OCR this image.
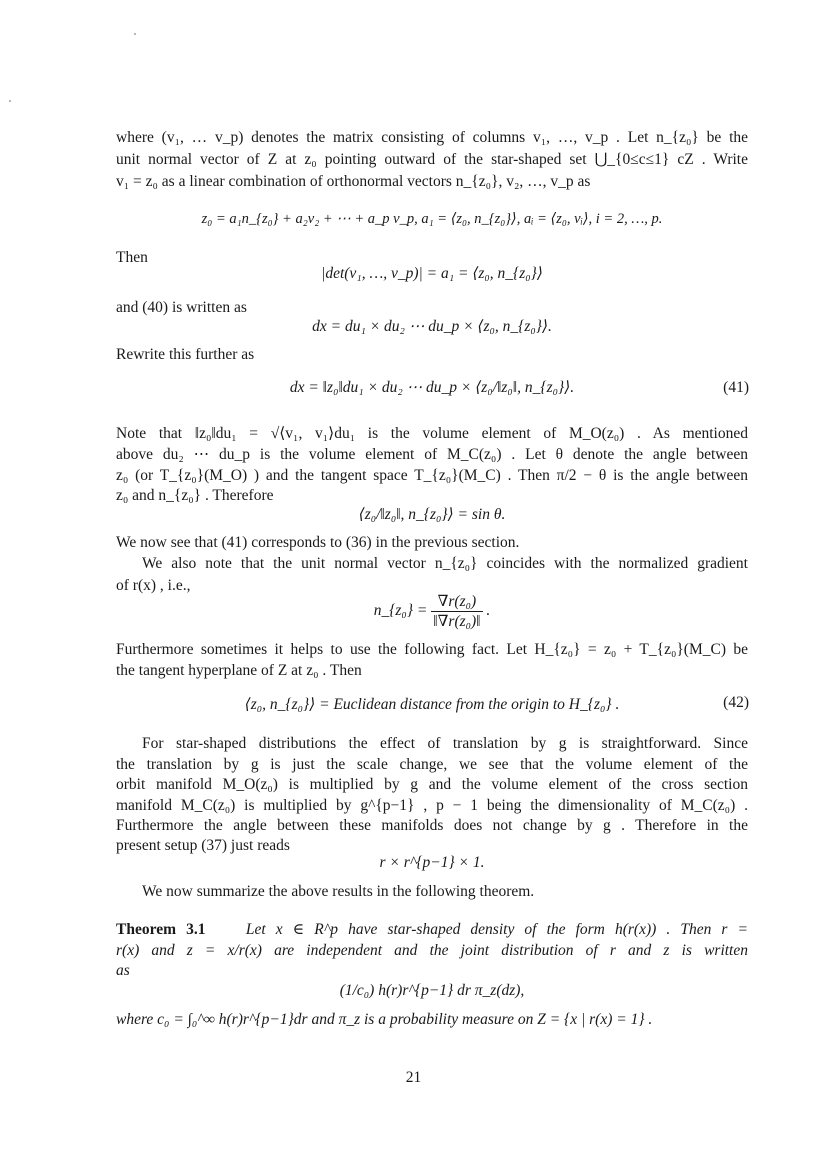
where (v₁, … v_p) denotes the matrix consisting of columns v₁, …, v_p . Let n_{z₀} be the
unit normal vector of Z at z₀ pointing outward of the star-shaped set ⋃_{0≤c≤1} cZ . Write
v₁ = z₀ as a linear combination of orthonormal vectors n_{z₀}, v₂, …, v_p as
z₀ = a₁n_{z₀} + a₂v₂ + ⋯ + a_p v_p, a₁ = ⟨z₀, n_{z₀}⟩, aᵢ = ⟨z₀, vᵢ⟩, i = 2, …, p.
Then
|det(v₁, …, v_p)| = a₁ = ⟨z₀, n_{z₀}⟩
and (40) is written as
dx = du₁ × du₂ ⋯ du_p × ⟨z₀, n_{z₀}⟩.
Rewrite this further as
dx = ‖z₀‖du₁ × du₂ ⋯ du_p × ⟨z₀/‖z₀‖, n_{z₀}⟩.	(41)
Note that ‖z₀‖du₁ = √⟨v₁, v₁⟩du₁ is the volume element of M_O(z₀) . As mentioned
above du₂ ⋯ du_p is the volume element of M_C(z₀) . Let θ denote the angle between
z₀ (or T_{z₀}(M_O) ) and the tangent space T_{z₀}(M_C) . Then π/2 − θ is the angle between
z₀ and n_{z₀} . Therefore
⟨z₀/‖z₀‖, n_{z₀}⟩ = sin θ.
We now see that (41) corresponds to (36) in the previous section.
We also note that the unit normal vector n_{z₀} coincides with the normalized gradient
of r(x) , i.e.,
n_{z₀} = $\frac{\text{∇r(z₀)}}{\text{‖∇r(z₀)‖}}$ .
Furthermore sometimes it helps to use the following fact. Let H_{z₀} = z₀ + T_{z₀}(M_C) be
the tangent hyperplane of Z at z₀ . Then
⟨z₀, n_{z₀}⟩ = Euclidean distance from the origin to H_{z₀} .	(42)
For star-shaped distributions the effect of translation by g is straightforward. Since
the translation by g is just the scale change, we see that the volume element of the
orbit manifold M_O(z₀) is multiplied by g and the volume element of the cross section
manifold M_C(z₀) is multiplied by g^{p−1} , p − 1 being the dimensionality of M_C(z₀) .
Furthermore the angle between these manifolds does not change by g . Therefore in the
present setup (37) just reads
r × r^{p−1} × 1.
We now summarize the above results in the following theorem.
Theorem 3.1	Let x ∈ R^p have star-shaped density of the form h(r(x)) . Then r =
r(x) and z = x/r(x) are independent and the joint distribution of r and z is written
as
(1/c₀) h(r)r^{p−1} dr π_z(dz),
where c₀ = ∫₀^∞ h(r)r^{p−1}dr and π_z is a probability measure on Z = {x | r(x) = 1} .
21
